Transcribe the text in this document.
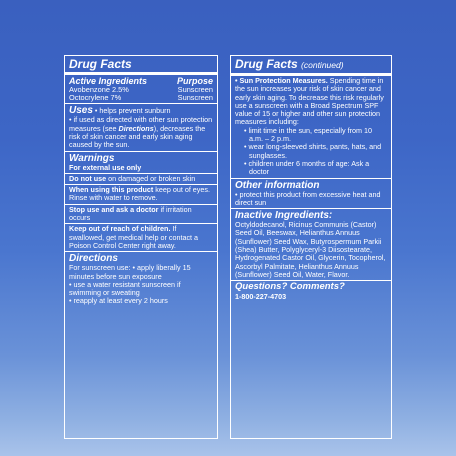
Drug Facts
Active Ingredients	Purpose
Avobenzone 2.5%	Sunscreen
Octocrylene 7%	Sunscreen
Uses • helps prevent sunburn
• if used as directed with other sun protection measures (see Directions), decreases the risk of skin cancer and early skin aging caused by the sun.
Warnings
For external use only
Do not use on damaged or broken skin
When using this product keep out of eyes. Rinse with water to remove.
Stop use and ask a doctor if irritation occurs
Keep out of reach of children. If swallowed, get medical help or contact a Poison Control Center right away.
Directions
For sunscreen use: • apply liberally 15 minutes before sun exposure
• use a water resistant sunscreen if swimming or sweating
• reapply at least every 2 hours
Drug Facts (continued)
• Sun Protection Measures. Spending time in the sun increases your risk of skin cancer and early skin aging. To decrease this risk regularly use a sunscreen with a Broad Spectrum SPF value of 15 or higher and other sun protection measures including:
• limit time in the sun, especially from 10 a.m. – 2 p.m.
• wear long-sleeved shirts, pants, hats, and sunglasses.
• children under 6 months of age: Ask a doctor
Other information
• protect this product from excessive heat and direct sun
Inactive Ingredients:
Octyldodecanol, Ricinus Communis (Castor) Seed Oil, Beeswax, Helianthus Annuus (Sunflower) Seed Wax, Butyrospermum Parkii (Shea) Butter, Polyglyceryl-3 Diisostearate, Hydrogenated Castor Oil, Glycerin, Tocopherol, Ascorbyl Palmitate, Helianthus Annuus (Sunflower) Seed Oil, Water, Flavor.
Questions? Comments?
1-800-227-4703
